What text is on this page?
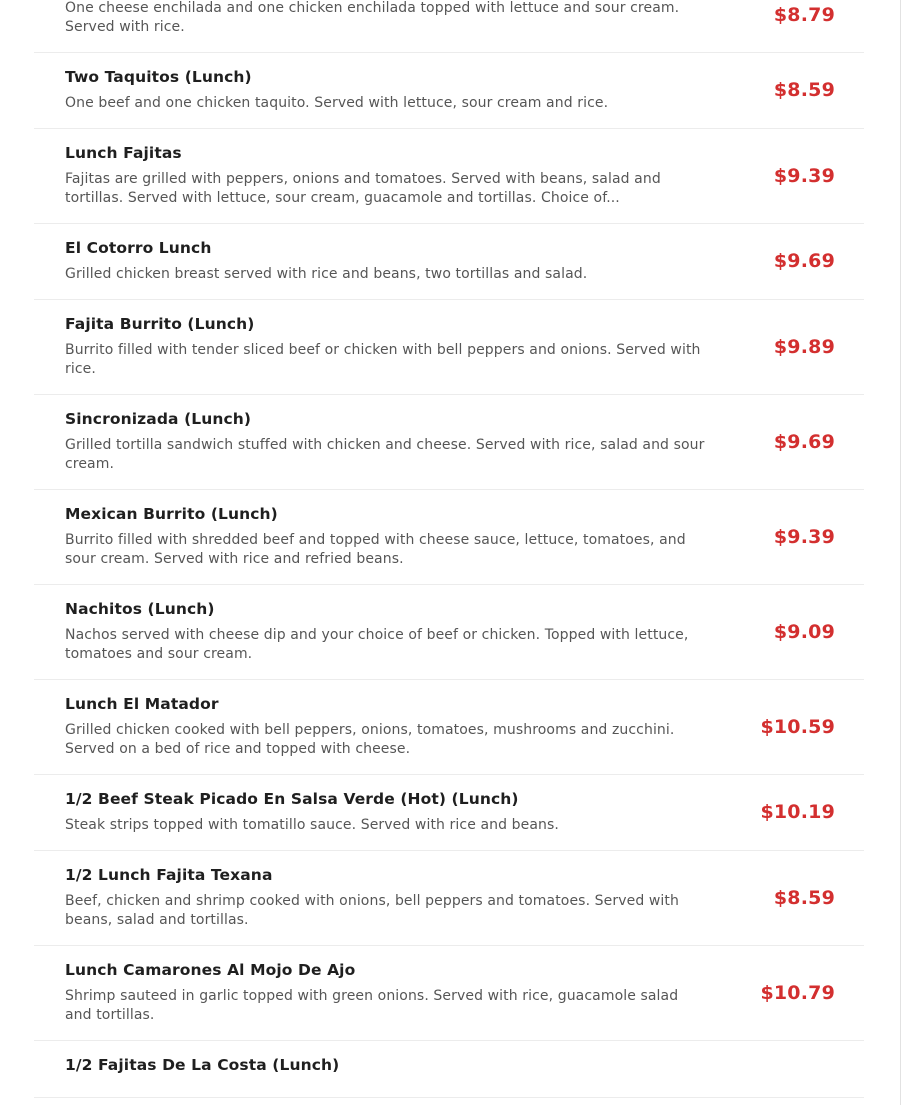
One cheese enchilada and one chicken enchilada topped with lettuce and sour cream. Served with rice.
$8.79
Two Taquitos (Lunch)
One beef and one chicken taquito. Served with lettuce, sour cream and rice.
$8.59
Lunch Fajitas
Fajitas are grilled with peppers, onions and tomatoes. Served with beans, salad and tortillas. Served with lettuce, sour cream, guacamole and tortillas. Choice of...
$9.39
El Cotorro Lunch
Grilled chicken breast served with rice and beans, two tortillas and salad.
$9.69
Fajita Burrito (Lunch)
Burrito filled with tender sliced beef or chicken with bell peppers and onions. Served with rice.
$9.89
Sincronizada (Lunch)
Grilled tortilla sandwich stuffed with chicken and cheese. Served with rice, salad and sour cream.
$9.69
Mexican Burrito (Lunch)
Burrito filled with shredded beef and topped with cheese sauce, lettuce, tomatoes, and sour cream. Served with rice and refried beans.
$9.39
Nachitos (Lunch)
Nachos served with cheese dip and your choice of beef or chicken. Topped with lettuce, tomatoes and sour cream.
$9.09
Lunch El Matador
Grilled chicken cooked with bell peppers, onions, tomatoes, mushrooms and zucchini. Served on a bed of rice and topped with cheese.
$10.59
1/2 Beef Steak Picado En Salsa Verde (Hot) (Lunch)
Steak strips topped with tomatillo sauce. Served with rice and beans.
$10.19
1/2 Lunch Fajita Texana
Beef, chicken and shrimp cooked with onions, bell peppers and tomatoes. Served with beans, salad and tortillas.
$8.59
Lunch Camarones Al Mojo De Ajo
Shrimp sauteed in garlic topped with green onions. Served with rice, guacamole salad and tortillas.
$10.79
1/2 Fajitas De La Costa (Lunch)
